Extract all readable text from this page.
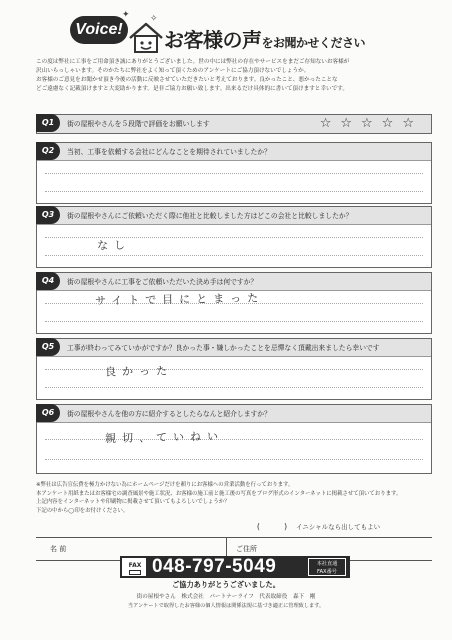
Voice! お客様の声をお聞かせください
✦ ✧

この度は弊社に工事をご用命頂き誠にありがとうございました。世の中には弊社の存在やサービスをまだご存知ないお客様が

沢山いらっしゃいます。そのかたちに弊社をよく知って頂くためのアンケートにご協力頂けないでしょうか。

お客様のご意見をお聞かせ頂き今後の活動に反映させていただきたいと考えております。良かったこと、悪かったことな

どご遠慮なく記載頂けますと大変助かります。是非ご協力お願い致します。出来るだけ具体的に書いて頂けますと幸いです。

Q1	街の屋根やさんを５段階で評価をお願いします	☆☆☆☆☆
Q2	当初、工事を依頼する会社にどんなことを期待されていましたか？
Q3	街の屋根やさんにご依頼いただく際に他社と比較しました方はどこの会社と比較しましたか？
なし
Q4	街の屋根やさんに工事をご依頼いただいた決め手は何ですか？
サイトで目にとまった
Q5	工事が終わってみていかがですか？良かった事・嫌しかったことを忌憚なく頂戴出来ましたら幸いです
良かった
Q6	街の屋根やさんを他の方に紹介するとしたらなんと紹介しますか？
親切、ていねい

※弊社は広告宣伝費を極力かけない為にホームページだけを頼りにお客様への営業活動を行っております。

本アンケート用紙またはお客様宅の調査風景や施工状況、お客様の施工前と施工後の写真をブログ形式のインターネットに掲載させて頂いております。

上記内容をインターネットや印刷物に掲載させて頂いてもよろしいでしょうか？

下記の中から◯印をお付けください。

(　　　)	イニシャルなら出してもよい
名 前	ご住所
FAX 048-797-5049	本社直通
FAX番号
ご協力ありがとうございました。
街の屋根やさん　株式会社　パートナーライフ　代表取締役　森下　剛
当アンケートで取得したお客様の個人情報は関係法規に基づき適正に管理致します。
